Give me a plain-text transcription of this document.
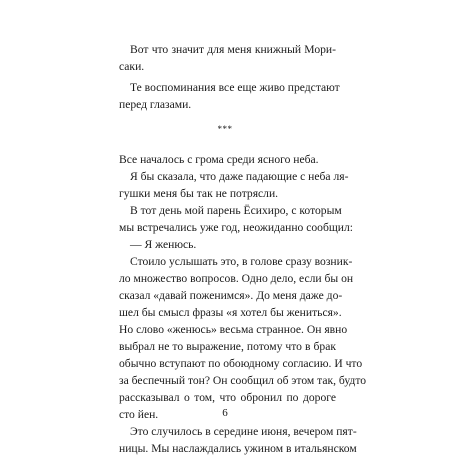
Вот что значит для меня книжный Мори-
саки.
Те воспоминания все еще живо предстают
перед глазами.
***
Все началось с грома среди ясного неба.
Я бы сказала, что даже падающие с неба ля-
гушки меня бы так не потрясли.
В тот день мой парень Ёсихиро, с которым
мы встречались уже год, неожиданно сообщил:
— Я женюсь.
Стоило услышать это, в голове сразу возник-
ло множество вопросов. Одно дело, если бы он
сказал «давай поженимся». До меня даже до-
шел бы смысл фразы «я хотел бы жениться».
Но слово «женюсь» весьма странное. Он явно
выбрал не то выражение, потому что в брак
обычно вступают по обоюдному согласию. И что
за беспечный тон? Он сообщил об этом так, будто
рассказывал о том, что обронил по дороге
сто йен.
Это случилось в середине июня, вечером пят-
ницы. Мы наслаждались ужином в итальянском
6
